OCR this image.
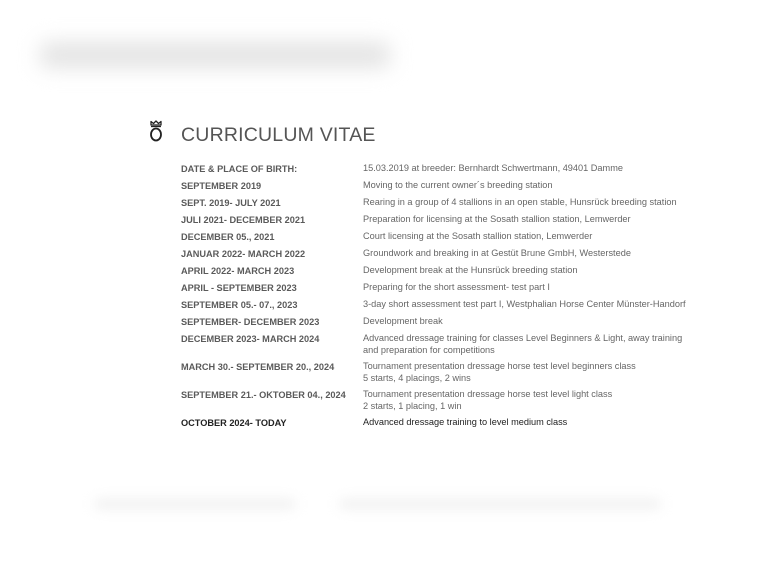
CURRICULUM VITAE
DATE & PLACE OF BIRTH:	15.03.2019 at breeder: Bernhardt Schwertmann, 49401 Damme
SEPTEMBER 2019	Moving to the current owner´s breeding station
SEPT. 2019- JULY 2021	Rearing in a group of 4 stallions in an open stable, Hunsrück breeding station
JULI 2021- DECEMBER 2021	Preparation for licensing at the Sosath stallion station, Lemwerder
DECEMBER 05., 2021	Court licensing at the Sosath stallion station, Lemwerder
JANUAR 2022- MARCH 2022	Groundwork and breaking in at Gestüt Brune GmbH, Westerstede
APRIL 2022- MARCH 2023	Development break at the Hunsrück breeding station
APRIL - SEPTEMBER 2023	Preparing for the short assessment- test part I
SEPTEMBER 05.- 07., 2023	3-day short assessment test part I, Westphalian Horse Center Münster-Handorf
SEPTEMBER- DECEMBER 2023	Development break
DECEMBER 2023- MARCH 2024	Advanced dressage training for classes Level Beginners & Light, away training
and preparation for competitions
MARCH 30.- SEPTEMBER 20., 2024	Tournament presentation dressage horse test level beginners class
5 starts, 4 placings, 2 wins
SEPTEMBER 21.- OKTOBER 04., 2024	Tournament presentation dressage horse test level light class
2 starts, 1 placing, 1 win
OCTOBER 2024- TODAY	Advanced dressage training to level medium class
